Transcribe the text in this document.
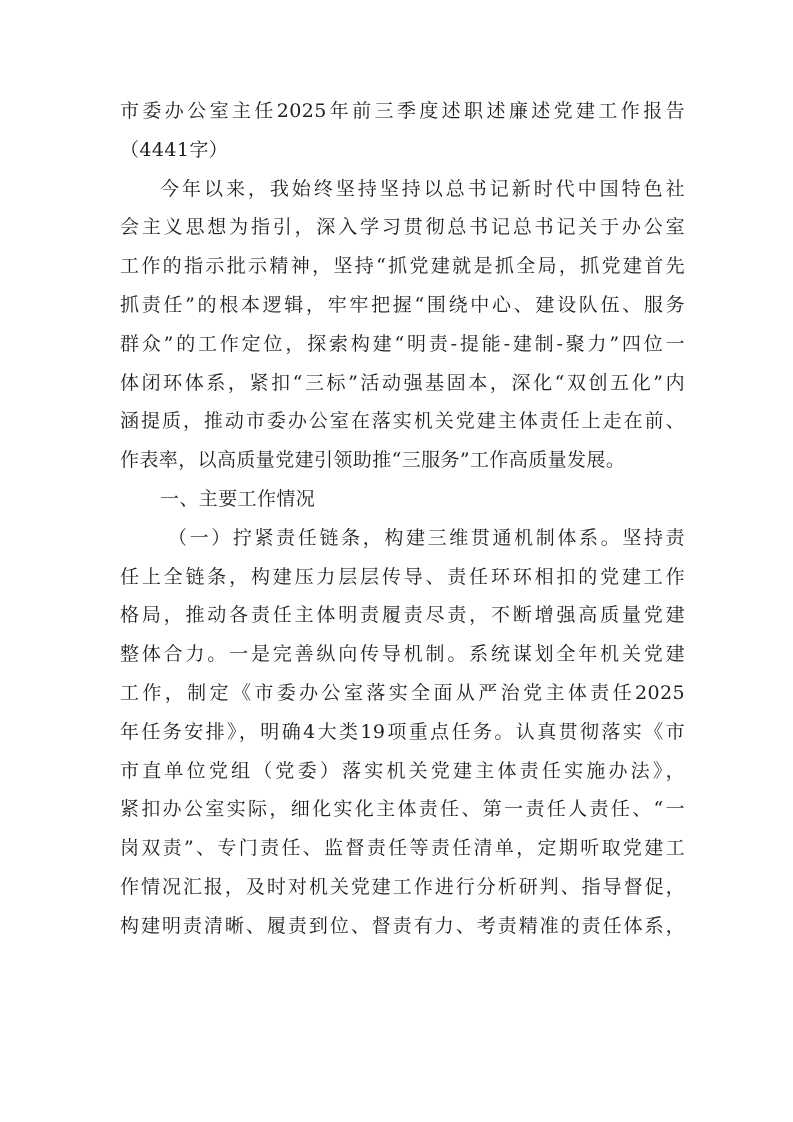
市委办公室主任2025年前三季度述职述廉述党建工作报告
（4441字）
今年以来，我始终坚持坚持以总书记新时代中国特色社
会主义思想为指引，深入学习贯彻总书记总书记关于办公室
工作的指示批示精神，坚持“抓党建就是抓全局，抓党建首先
抓责任”的根本逻辑，牢牢把握“围绕中心、建设队伍、服务
群众”的工作定位，探索构建“明责-提能-建制-聚力”四位一
体闭环体系，紧扣“三标”活动强基固本，深化“双创五化”内
涵提质，推动市委办公室在落实机关党建主体责任上走在前、
作表率，以高质量党建引领助推“三服务”工作高质量发展。
一、主要工作情况
（一）拧紧责任链条，构建三维贯通机制体系。坚持责
任上全链条，构建压力层层传导、责任环环相扣的党建工作
格局，推动各责任主体明责履责尽责，不断增强高质量党建
整体合力。一是完善纵向传导机制。系统谋划全年机关党建
工作，制定《市委办公室落实全面从严治党主体责任2025
年任务安排》，明确4大类19项重点任务。认真贯彻落实《市
市直单位党组（党委）落实机关党建主体责任实施办法》，
紧扣办公室实际，细化实化主体责任、第一责任人责任、“一
岗双责”、专门责任、监督责任等责任清单，定期听取党建工
作情况汇报，及时对机关党建工作进行分析研判、指导督促，
构建明责清晰、履责到位、督责有力、考责精准的责任体系，
